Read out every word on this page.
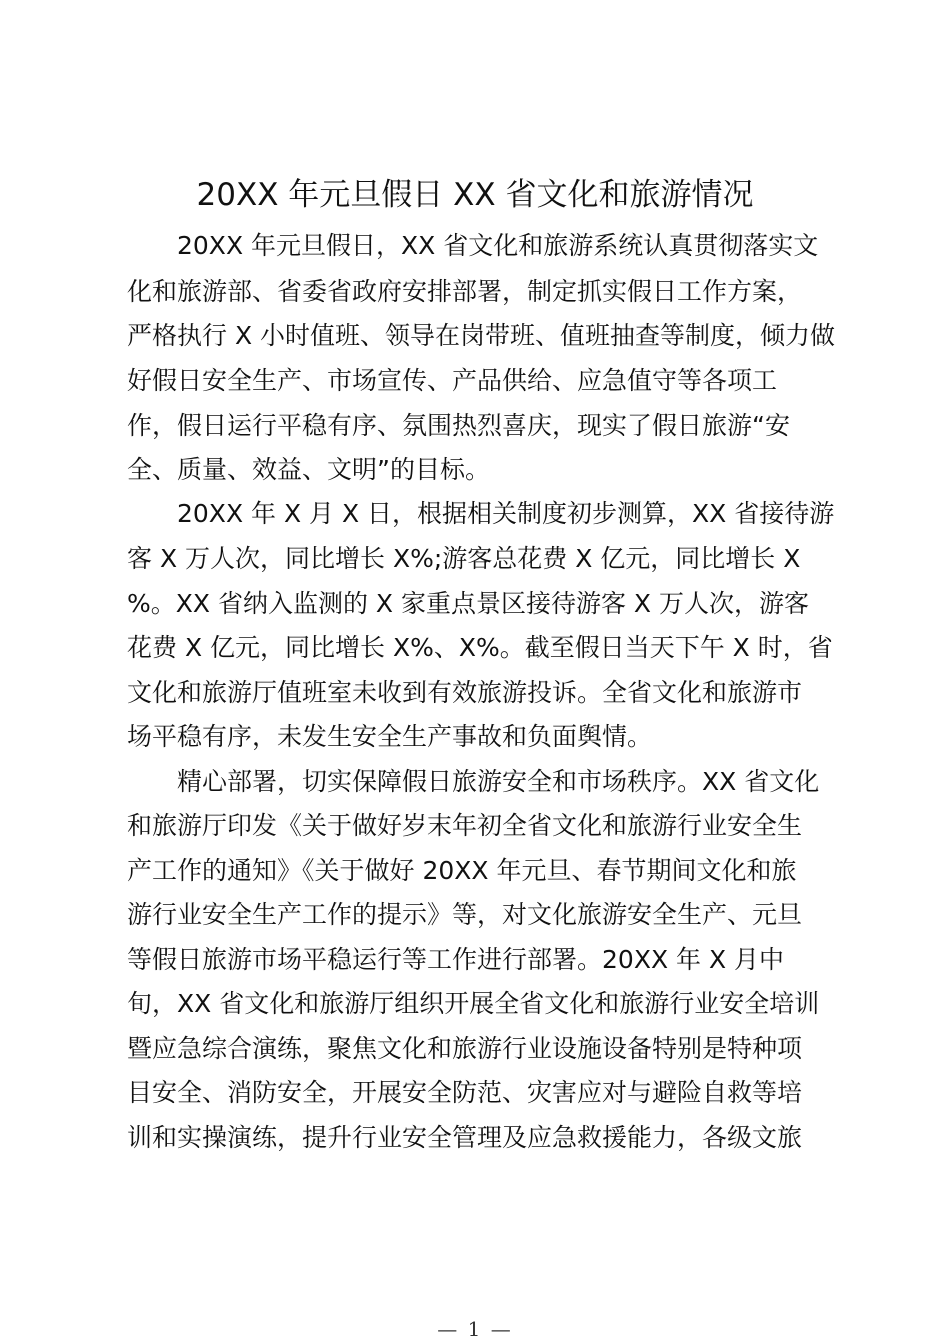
20XX 年元旦假日 XX 省文化和旅游情况

　　20XX 年元旦假日，XX 省文化和旅游系统认真贯彻落实文

化和旅游部、省委省政府安排部署，制定抓实假日工作方案，

严格执行 X 小时值班、领导在岗带班、值班抽查等制度，倾力做

好假日安全生产、市场宣传、产品供给、应急值守等各项工

作，假日运行平稳有序、氛围热烈喜庆，现实了假日旅游“安

全、质量、效益、文明”的目标。

　　20XX 年 X 月 X 日，根据相关制度初步测算，XX 省接待游

客 X 万人次，同比增长 X%;游客总花费 X 亿元，同比增长 X

%。XX 省纳入监测的 X 家重点景区接待游客 X 万人次，游客

花费 X 亿元，同比增长 X%、X%。截至假日当天下午 X 时，省

文化和旅游厅值班室未收到有效旅游投诉。全省文化和旅游市

场平稳有序，未发生安全生产事故和负面舆情。

　　精心部署，切实保障假日旅游安全和市场秩序。XX 省文化

和旅游厅印发《关于做好岁末年初全省文化和旅游行业安全生

产工作的通知》《关于做好 20XX 年元旦、春节期间文化和旅

游行业安全生产工作的提示》等，对文化旅游安全生产、元旦

等假日旅游市场平稳运行等工作进行部署。20XX 年 X 月中

旬，XX 省文化和旅游厅组织开展全省文化和旅游行业安全培训

暨应急综合演练，聚焦文化和旅游行业设施设备特别是特种项

目安全、消防安全，开展安全防范、灾害应对与避险自救等培

训和实操演练，提升行业安全管理及应急救援能力，各级文旅

— 1 —
